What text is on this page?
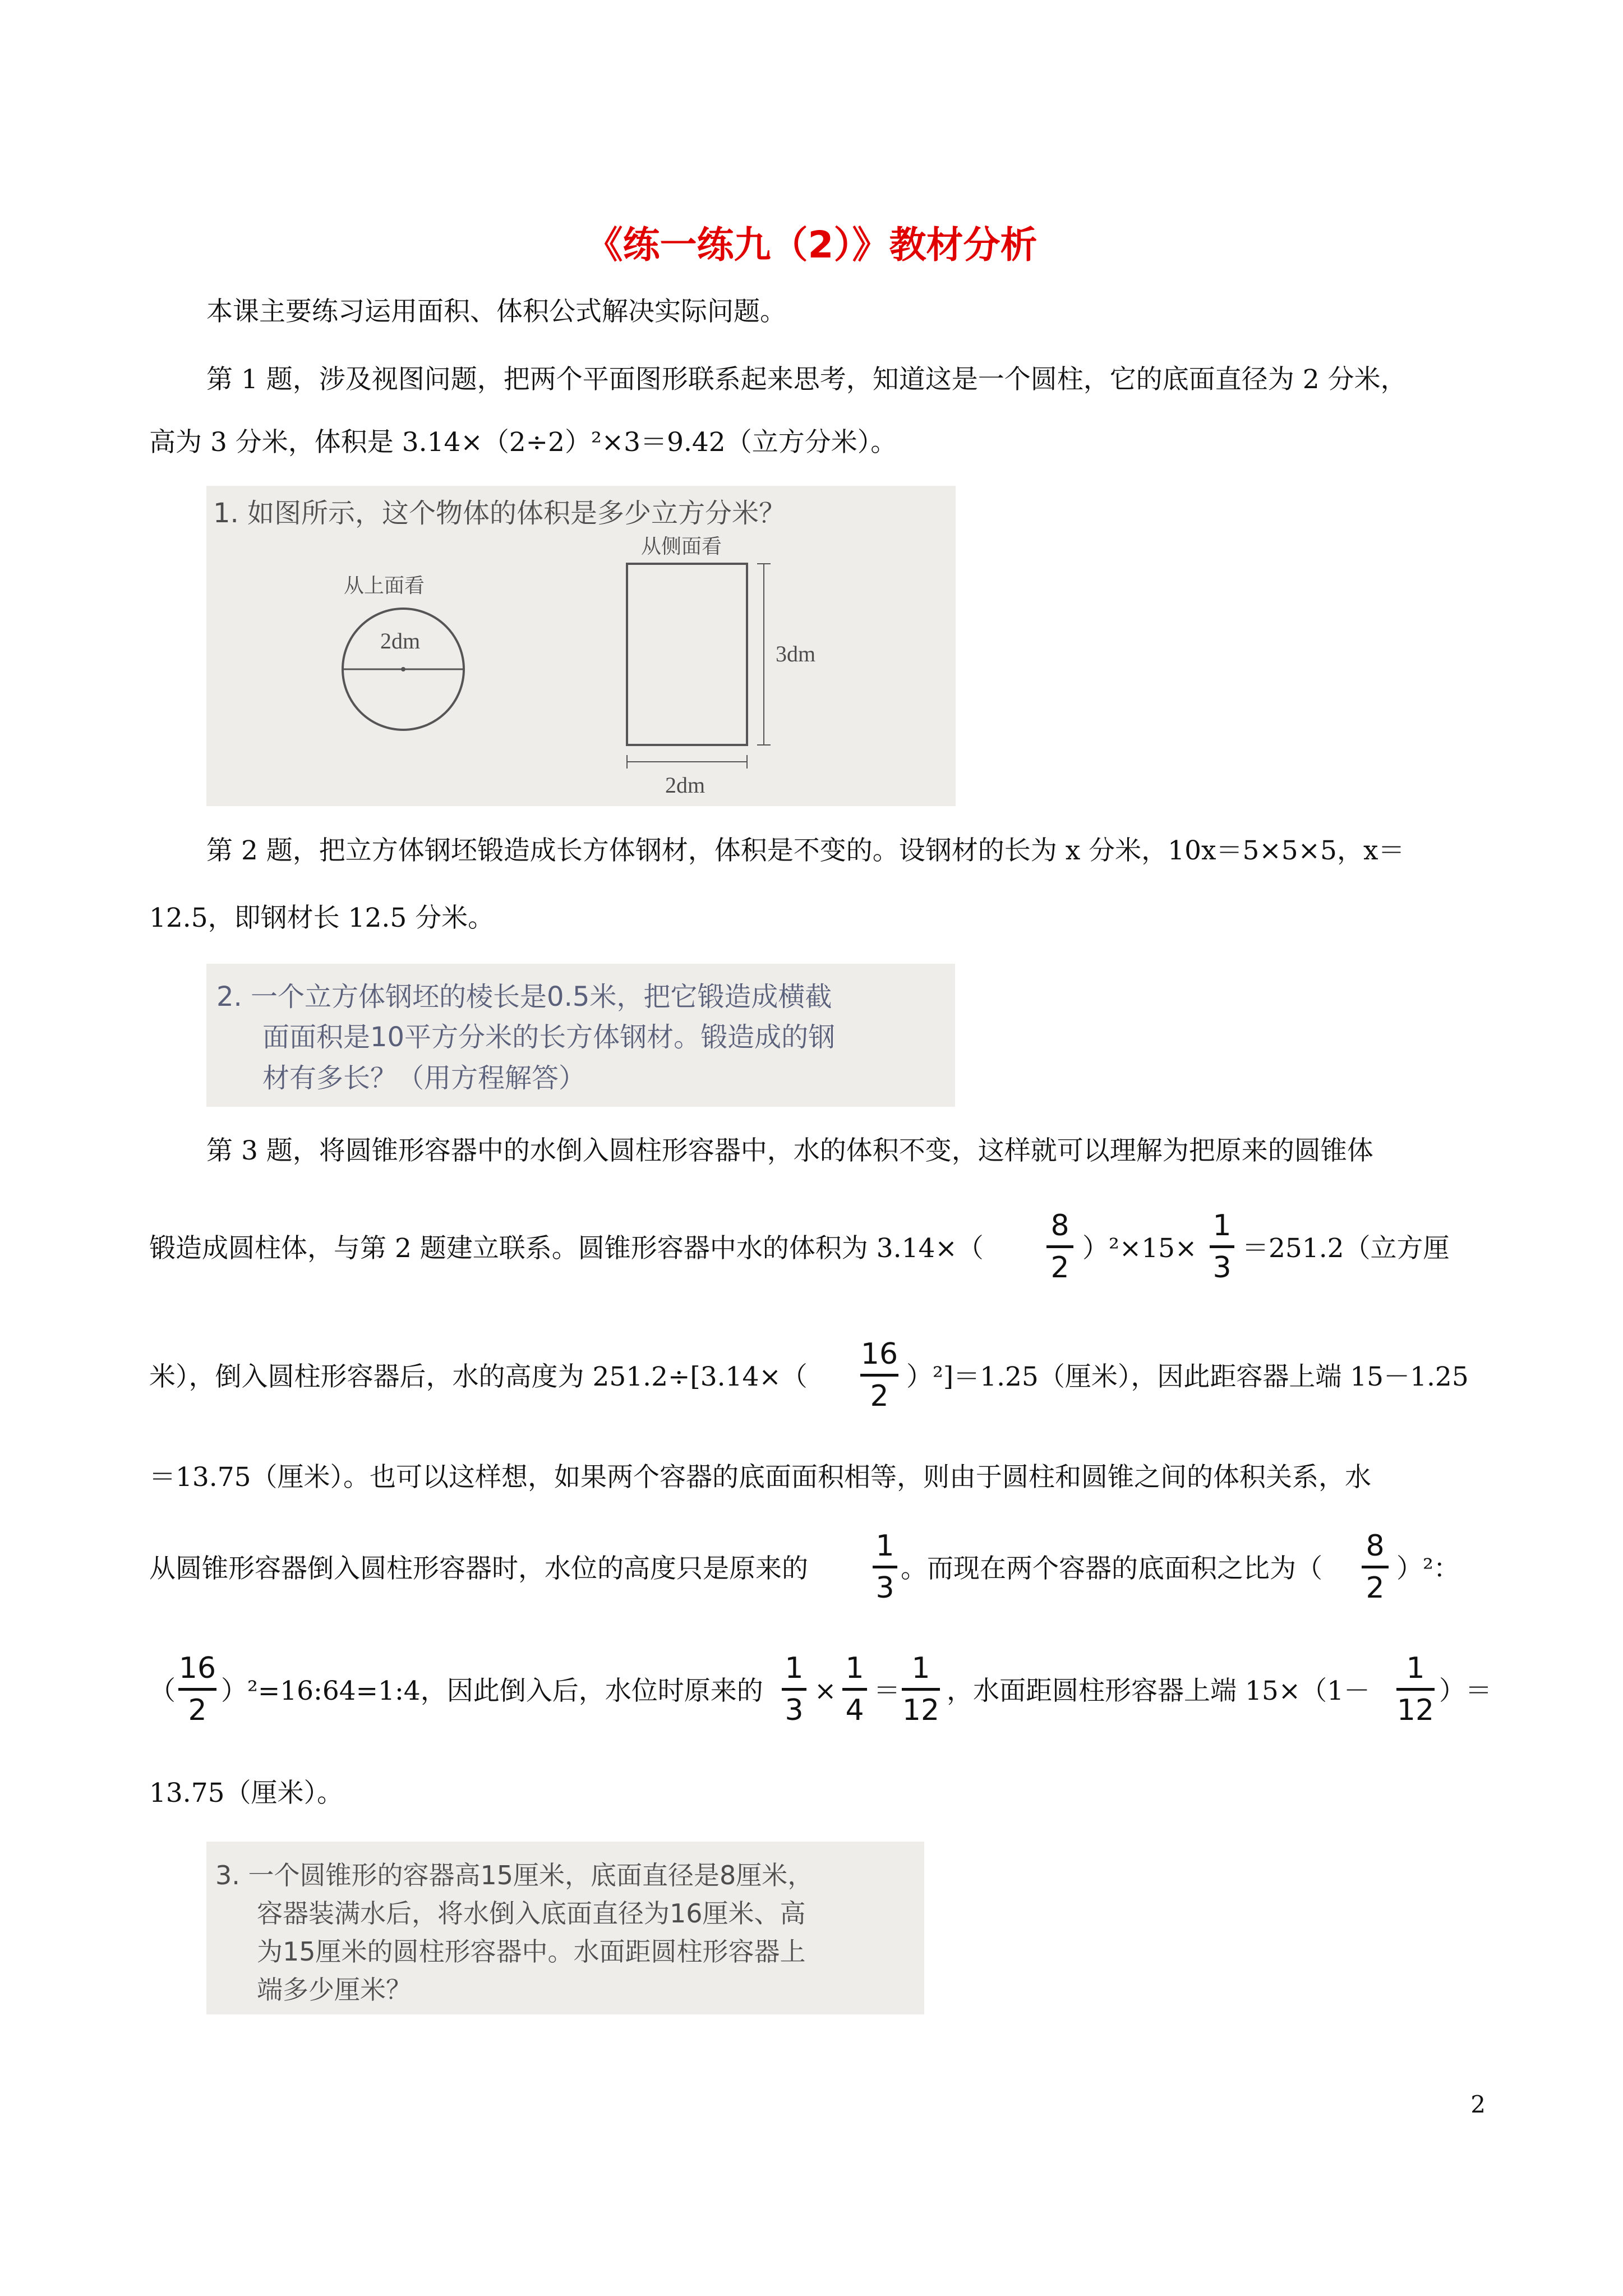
《练一练九（2）》教材分析
本课主要练习运用面积、体积公式解决实际问题。
第 1 题，涉及视图问题，把两个平面图形联系起来思考，知道这是一个圆柱，它的底面直径为 2 分米，
高为 3 分米，体积是 3.14×（2÷2）²×3＝9.42（立方分米）。
1. 如图所示，这个物体的体积是多少立方分米？
从上面看
从侧面看
2dm
3dm
2dm
第 2 题，把立方体钢坯锻造成长方体钢材，体积是不变的。设钢材的长为 x 分米，10x＝5×5×5，x＝
12.5，即钢材长 12.5 分米。
2. 一个立方体钢坯的棱长是0.5米，把它锻造成横截
面面积是10平方分米的长方体钢材。锻造成的钢
材有多长？（用方程解答）
第 3 题，将圆锥形容器中的水倒入圆柱形容器中，水的体积不变，这样就可以理解为把原来的圆锥体
锻造成圆柱体，与第 2 题建立联系。圆锥形容器中水的体积为 3.14×（
8
2
）²×15×
1
3
＝251.2（立方厘
米），倒入圆柱形容器后，水的高度为 251.2÷[3.14×（
16
2
）²]＝1.25（厘米），因此距容器上端 15－1.25
＝13.75（厘米）。也可以这样想，如果两个容器的底面面积相等，则由于圆柱和圆锥之间的体积关系，水
从圆锥形容器倒入圆柱形容器时，水位的高度只是原来的
1
3
。而现在两个容器的底面积之比为（
8
2
）²：
（
16
2
）²=16:64=1:4，因此倒入后，水位时原来的
1
3
×
1
4
＝
1
12
，水面距圆柱形容器上端 15×（1－
1
12
）＝
13.75（厘米）。
3. 一个圆锥形的容器高15厘米，底面直径是8厘米，
容器装满水后，将水倒入底面直径为16厘米、高
为15厘米的圆柱形容器中。水面距圆柱形容器上
端多少厘米？
2
